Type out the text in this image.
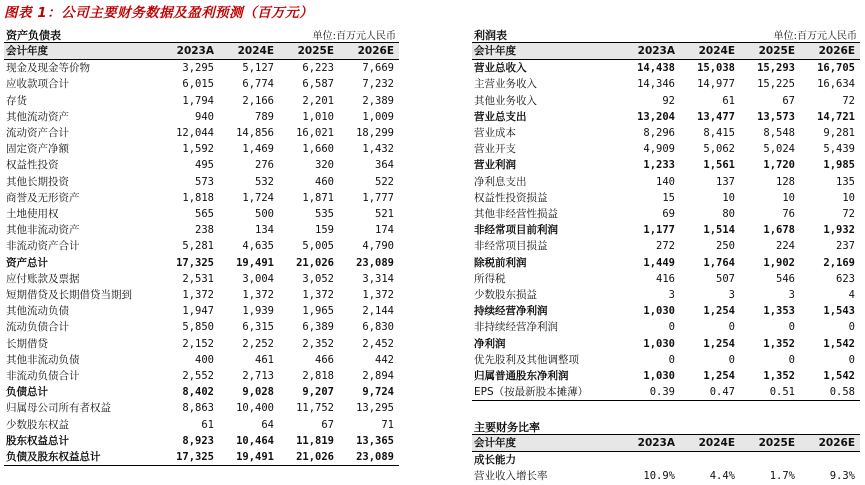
图表 1：公司主要财务数据及盈利预测（百万元）
资产负债表	单位:百万元人民币
会计年度	2023A	2024E	2025E	2026E
现金及现金等价物	3,295	5,127	6,223	7,669
应收款项合计	6,015	6,774	6,587	7,232
存货	1,794	2,166	2,201	2,389
其他流动资产	940	789	1,010	1,009
流动资产合计	12,044	14,856	16,021	18,299
固定资产净额	1,592	1,469	1,660	1,432
权益性投资	495	276	320	364
其他长期投资	573	532	460	522
商誉及无形资产	1,818	1,724	1,871	1,777
土地使用权	565	500	535	521
其他非流动资产	238	134	159	174
非流动资产合计	5,281	4,635	5,005	4,790
资产总计	17,325	19,491	21,026	23,089
应付账款及票据	2,531	3,004	3,052	3,314
短期借贷及长期借贷当期到	1,372	1,372	1,372	1,372
其他流动负债	1,947	1,939	1,965	2,144
流动负债合计	5,850	6,315	6,389	6,830
长期借贷	2,152	2,252	2,352	2,452
其他非流动负债	400	461	466	442
非流动负债合计	2,552	2,713	2,818	2,894
负债总计	8,402	9,028	9,207	9,724
归属母公司所有者权益	8,863	10,400	11,752	13,295
少数股东权益	61	64	67	71
股东权益总计	8,923	10,464	11,819	13,365
负债及股东权益总计	17,325	19,491	21,026	23,089
利润表	单位:百万元人民币
会计年度	2023A	2024E	2025E	2026E
营业总收入	14,438	15,038	15,293	16,705
主营业务收入	14,346	14,977	15,225	16,634
其他业务收入	92	61	67	72
营业总支出	13,204	13,477	13,573	14,721
营业成本	8,296	8,415	8,548	9,281
营业开支	4,909	5,062	5,024	5,439
营业利润	1,233	1,561	1,720	1,985
净利息支出	140	137	128	135
权益性投资损益	15	10	10	10
其他非经营性损益	69	80	76	72
非经常项目前利润	1,177	1,514	1,678	1,932
非经常项目损益	272	250	224	237
除税前利润	1,449	1,764	1,902	2,169
所得税	416	507	546	623
少数股东损益	3	3	3	4
持续经营净利润	1,030	1,254	1,353	1,543
非持续经营净利润	0	0	0	0
净利润	1,030	1,254	1,352	1,542
优先股利及其他调整项	0	0	0	0
归属普通股东净利润	1,030	1,254	1,352	1,542
EPS（按最新股本摊薄）	0.39	0.47	0.51	0.58
主要财务比率
会计年度	2023A	2024E	2025E	2026E
成长能力				
营业收入增长率	10.9%	4.4%	1.7%	9.3%
